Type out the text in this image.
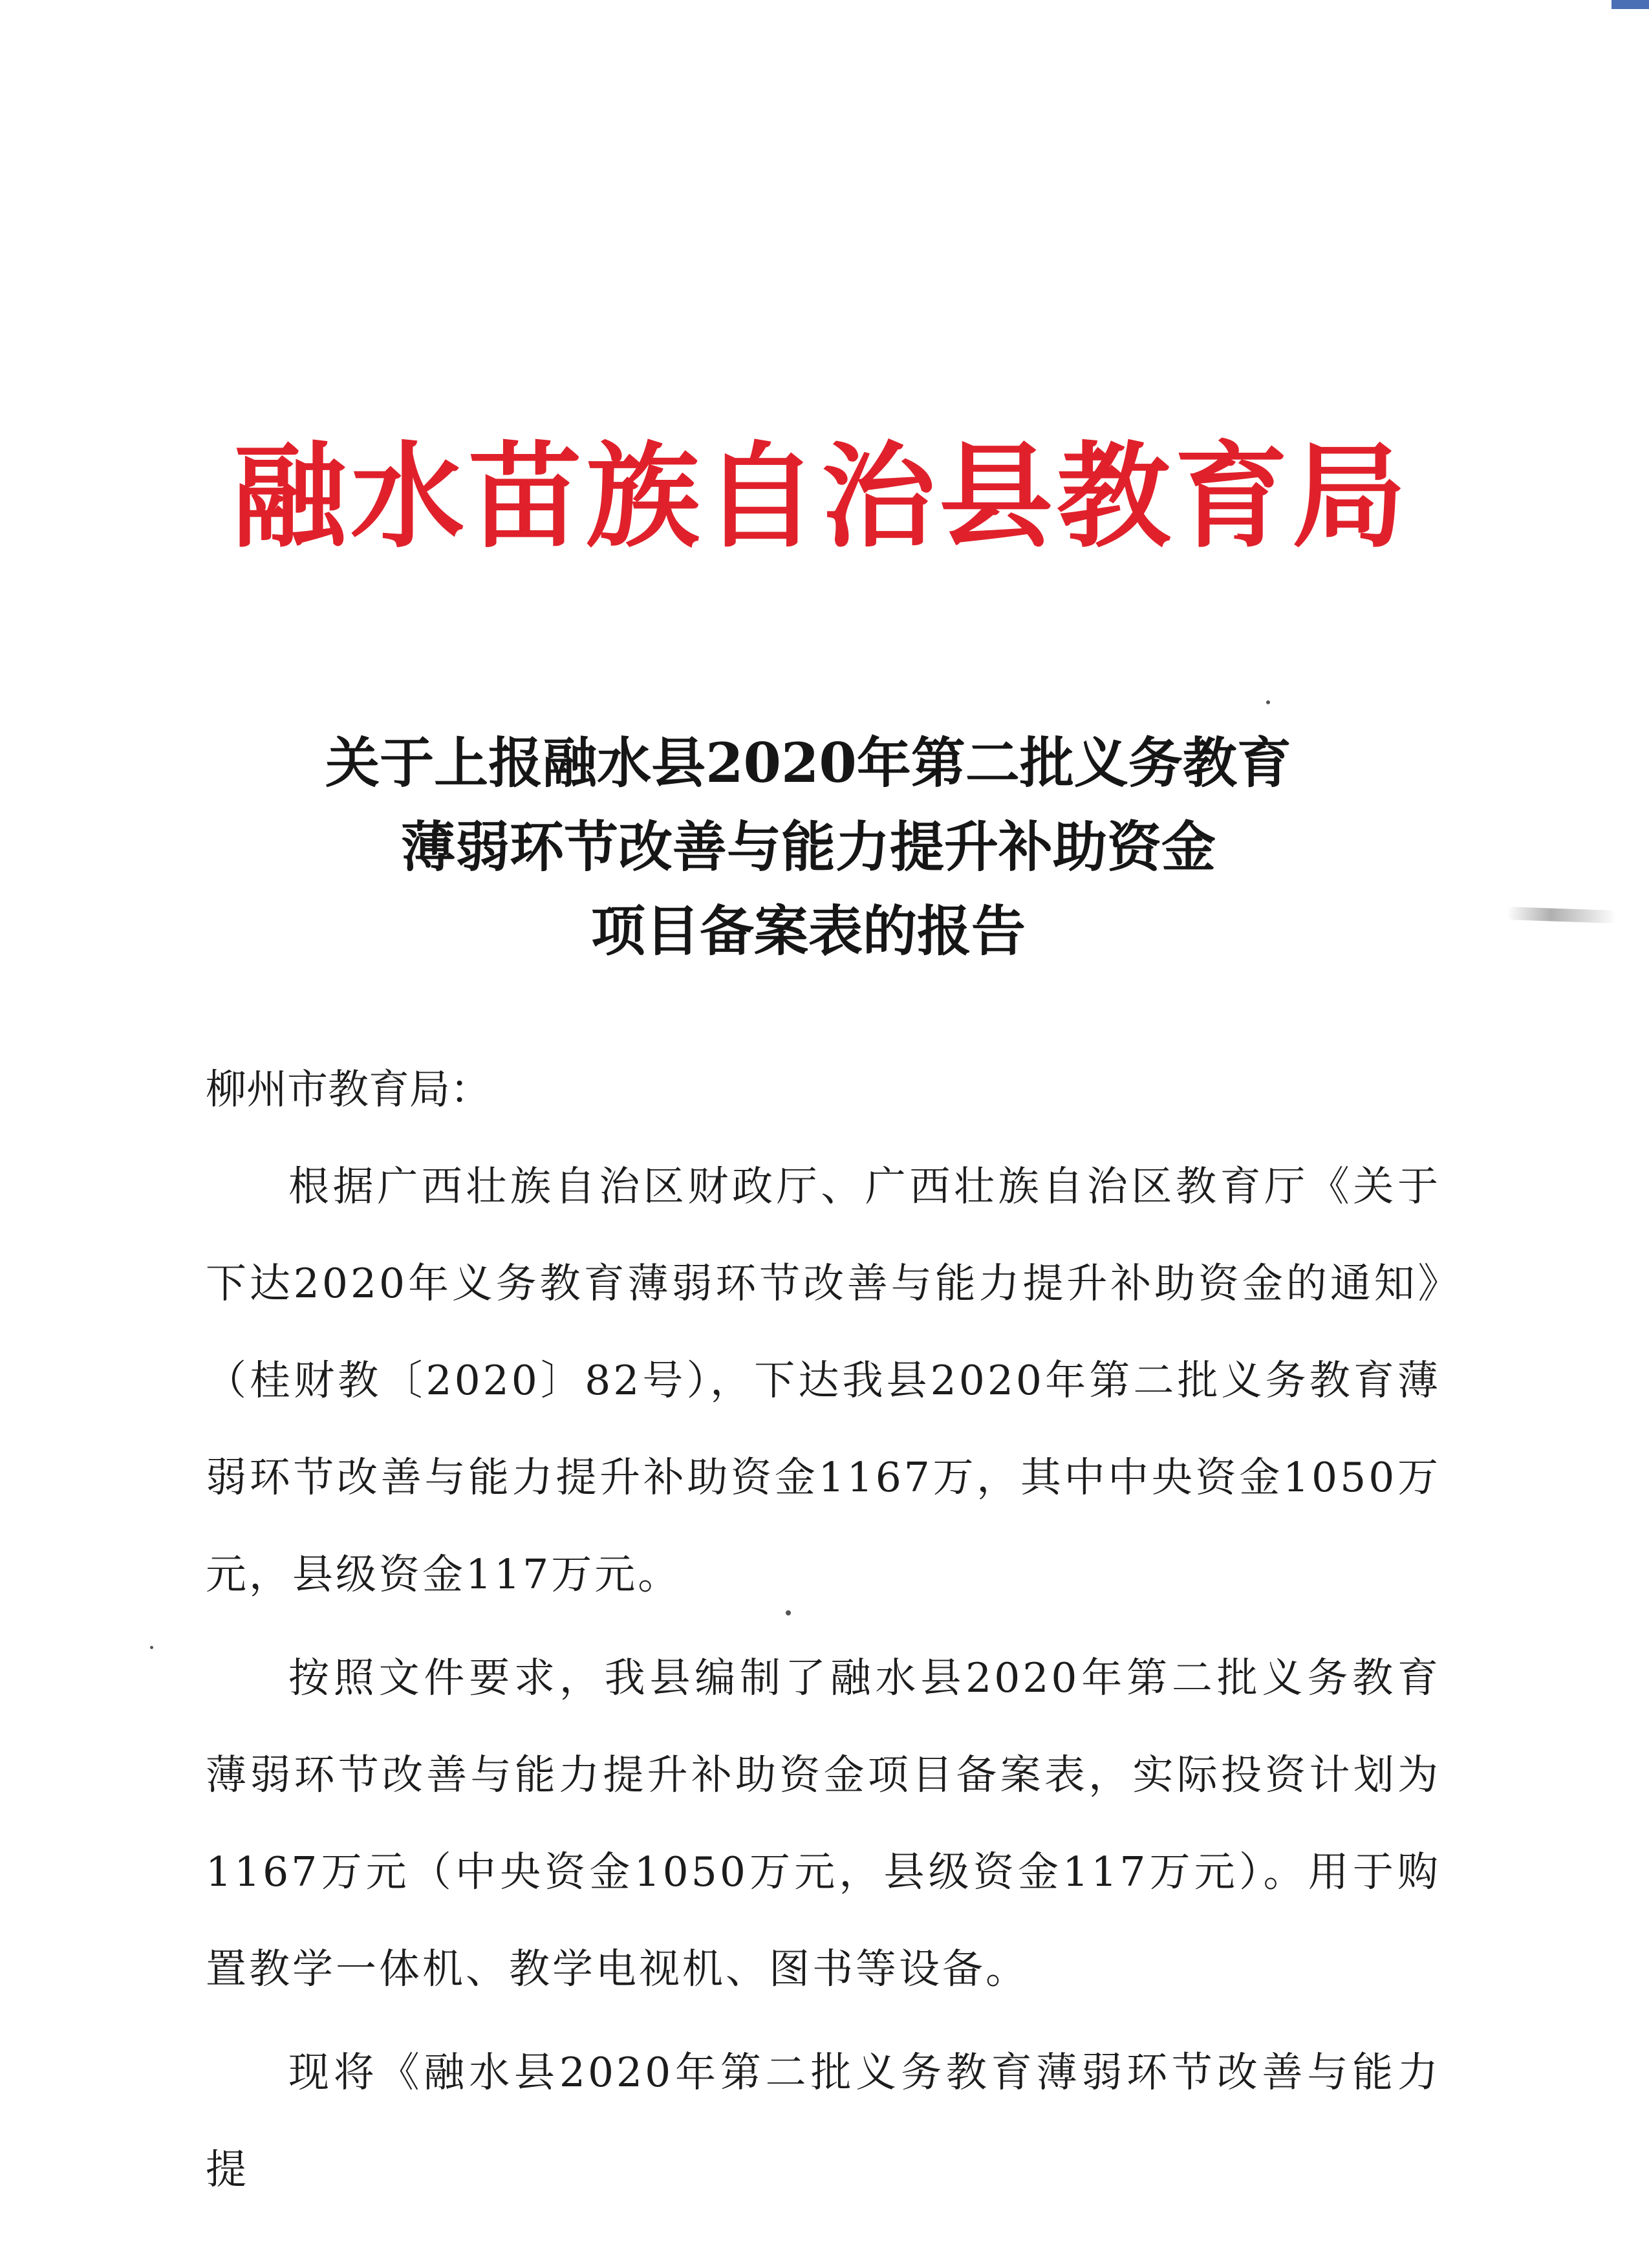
融水苗族自治县教育局
关于上报融水县2020年第二批义务教育
薄弱环节改善与能力提升补助资金
项目备案表的报告

柳州市教育局：

根据广西壮族自治区财政厅、广西壮族自治区教育厅《关于下达2020年义务教育薄弱环节改善与能力提升补助资金的通知》（桂财教〔2020〕82号），下达我县2020年第二批义务教育薄弱环节改善与能力提升补助资金1167万，其中中央资金1050万元，县级资金117万元。

按照文件要求，我县编制了融水县2020年第二批义务教育薄弱环节改善与能力提升补助资金项目备案表，实际投资计划为1167万元（中央资金1050万元，县级资金117万元）。用于购置教学一体机、教学电视机、图书等设备。

现将《融水县2020年第二批义务教育薄弱环节改善与能力提
